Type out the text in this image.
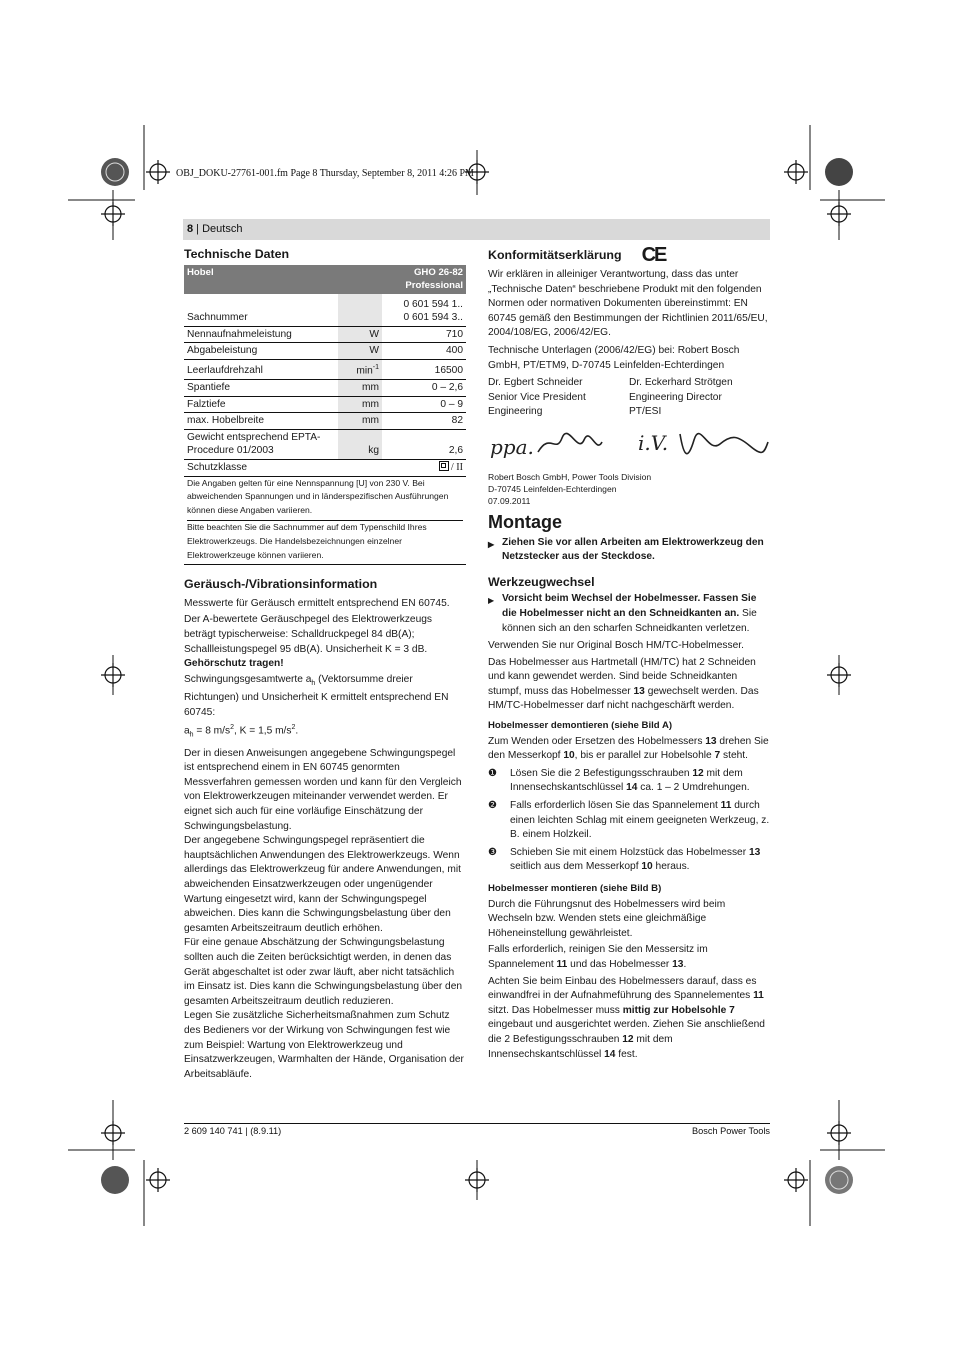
OBJ_DOKU-27761-001.fm Page 8 Thursday, September 8, 2011 4:26 PM
8 | Deutsch
Technische Daten
Hobel		GHO 26-82
Professional
Sachnummer		0 601 594 1..
0 601 594 3..
Nennaufnahmeleistung	W	710
Abgabeleistung	W	400
Leerlaufdrehzahl	$\min^{-1}$	16500
Spantiefe	mm	0 – 2,6
Falztiefe	mm	0 – 9
max. Hobelbreite	mm	82
Gewicht entsprechend EPTA-Procedure 01/2003	kg	2,6
Schutzklasse		/ II
Die Angaben gelten für eine Nennspannung [U] von 230 V. Bei abweichenden Spannungen und in länderspezifischen Ausführungen können diese Angaben variieren.
Bitte beachten Sie die Sachnummer auf dem Typenschild Ihres Elektrowerkzeugs. Die Handelsbezeichnungen einzelner Elektrowerkzeuge können variieren.
Geräusch-/Vibrationsinformation
Messwerte für Geräusch ermittelt entsprechend EN 60745.
Der A-bewertete Geräuschpegel des Elektrowerkzeugs beträgt typischerweise: Schalldruckpegel 84 dB(A); Schallleistungspegel 95 dB(A). Unsicherheit K = 3 dB.
Gehörschutz tragen!
Schwingungsgesamtwerte $a_h$ (Vektorsumme dreier Richtungen) und Unsicherheit K ermittelt entsprechend EN 60745:
$a_h = 8$ $m/s^2$, K = 1,5 $m/s^2$.
Der in diesen Anweisungen angegebene Schwingungspegel ist entsprechend einem in EN 60745 genormten Messverfahren gemessen worden und kann für den Vergleich von Elektrowerkzeugen miteinander verwendet werden. Er eignet sich auch für eine vorläufige Einschätzung der Schwingungsbelastung.
Der angegebene Schwingungspegel repräsentiert die hauptsächlichen Anwendungen des Elektrowerkzeugs. Wenn allerdings das Elektrowerkzeug für andere Anwendungen, mit abweichenden Einsatzwerkzeugen oder ungenügender Wartung eingesetzt wird, kann der Schwingungspegel abweichen. Dies kann die Schwingungsbelastung über den gesamten Arbeitszeitraum deutlich erhöhen.
Für eine genaue Abschätzung der Schwingungsbelastung sollten auch die Zeiten berücksichtigt werden, in denen das Gerät abgeschaltet ist oder zwar läuft, aber nicht tatsächlich im Einsatz ist. Dies kann die Schwingungsbelastung über den gesamten Arbeitszeitraum deutlich reduzieren.
Legen Sie zusätzliche Sicherheitsmaßnahmen zum Schutz des Bedieners vor der Wirkung von Schwingungen fest wie zum Beispiel: Wartung von Elektrowerkzeug und Einsatzwerkzeugen, Warmhalten der Hände, Organisation der Arbeitsabläufe.
Konformitätserklärung CE
Wir erklären in alleiniger Verantwortung, dass das unter „Technische Daten“ beschriebene Produkt mit den folgenden Normen oder normativen Dokumenten übereinstimmt: EN 60745 gemäß den Bestimmungen der Richtlinien 2011/65/EU, 2004/108/EG, 2006/42/EG.
Technische Unterlagen (2006/42/EG) bei: Robert Bosch GmbH, PT/ETM9, D-70745 Leinfelden-Echterdingen
Dr. Egbert Schneider
Senior Vice President
Engineering
Dr. Eckerhard Strötgen
Engineering Director
PT/ESI
ppa.	i.V.
Robert Bosch GmbH, Power Tools Division
D-70745 Leinfelden-Echterdingen
07.09.2011
Montage
▶ Ziehen Sie vor allen Arbeiten am Elektrowerkzeug den Netzstecker aus der Steckdose.
Werkzeugwechsel
▶ Vorsicht beim Wechsel der Hobelmesser. Fassen Sie die Hobelmesser nicht an den Schneidkanten an. Sie können sich an den scharfen Schneidkanten verletzen.
Verwenden Sie nur Original Bosch HM/TC-Hobelmesser.
Das Hobelmesser aus Hartmetall (HM/TC) hat 2 Schneiden und kann gewendet werden. Sind beide Schneidkanten stumpf, muss das Hobelmesser 13 gewechselt werden. Das HM/TC-Hobelmesser darf nicht nachgeschärft werden.
Hobelmesser demontieren (siehe Bild A)
Zum Wenden oder Ersetzen des Hobelmessers 13 drehen Sie den Messerkopf 10, bis er parallel zur Hobelsohle 7 steht.
❶	Lösen Sie die 2 Befestigungsschrauben 12 mit dem Innensechskantschlüssel 14 ca. 1 – 2 Umdrehungen.
❷	Falls erforderlich lösen Sie das Spannelement 11 durch einen leichten Schlag mit einem geeigneten Werkzeug, z. B. einem Holzkeil.
❸	Schieben Sie mit einem Holzstück das Hobelmesser 13 seitlich aus dem Messerkopf 10 heraus.
Hobelmesser montieren (siehe Bild B)
Durch die Führungsnut des Hobelmessers wird beim Wechseln bzw. Wenden stets eine gleichmäßige Höheneinstellung gewährleistet.
Falls erforderlich, reinigen Sie den Messersitz im Spannelement 11 und das Hobelmesser 13.
Achten Sie beim Einbau des Hobelmessers darauf, dass es einwandfrei in der Aufnahmeführung des Spannelementes 11 sitzt. Das Hobelmesser muss mittig zur Hobelsohle 7 eingebaut und ausgerichtet werden. Ziehen Sie anschließend die 2 Befestigungsschrauben 12 mit dem Innensechskantschlüssel 14 fest.
2 609 140 741 | (8.9.11)	Bosch Power Tools
